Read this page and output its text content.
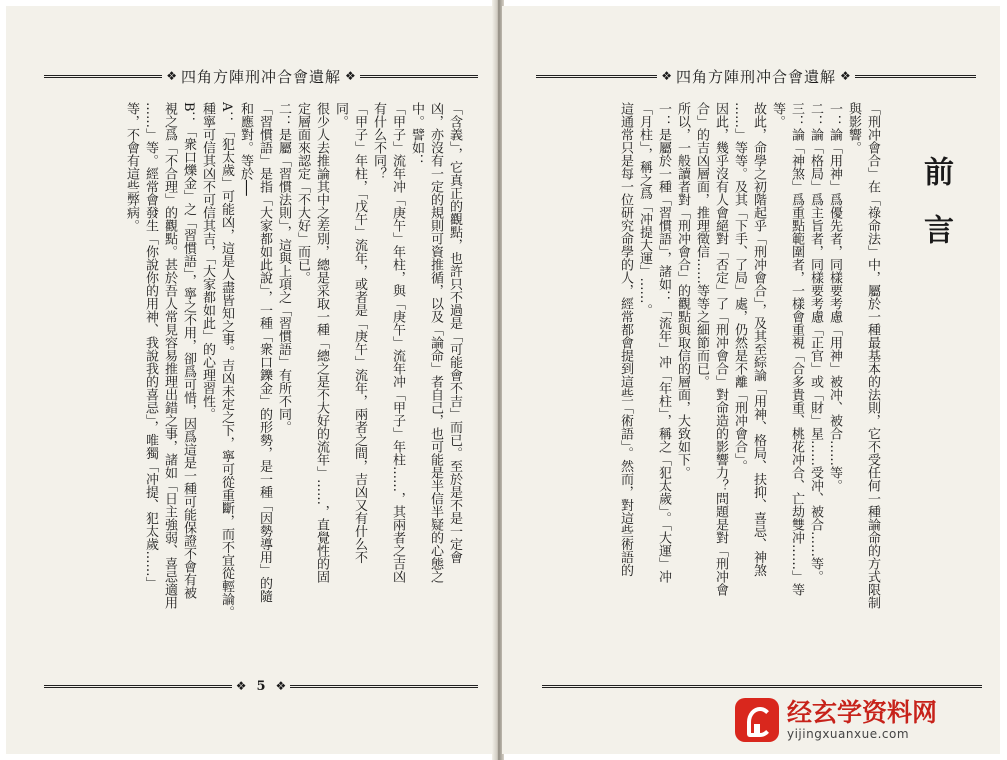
❖ 四角方陣刑冲合會遺解 ❖
「含義」，它真正的觀點，也許只不過是「可能會不吉」而已。至於是不是一定會
凶，亦沒有一定的規則可資推循，以及「論命」者自己，也可能是半信半疑的心態之
中。譬如：
「甲子」流年冲「庚午」年柱，與「庚午」流年冲「甲子」年柱……，其兩者之吉凶
有什么不同？
「甲子」年柱，「戊午」流年，或者是「庚午」流年，兩者之間，吉凶又有什么不
同。
很少人去推論其中之差別，總是采取一種「總之是不大好的流年」……，直覺性的固
定層面來認定「不大好」而已。
二：是屬「習慣法則」，這與上項之「習慣語」有所不同。
「習慣語」是指「大家都如此說」，一種「衆口鑠金」的形勢，是一種「因勢導用」的隨
和應對。等於──
A：「犯太歲」可能凶，這是人盡皆知之事。吉凶未定之下，寧可從重斷，而不宜從輕論。
種寧可信其凶不可信其吉，「大家都如此」的心理習性。
B：「衆口爍金」之「習慣語」，寧之不用，卻爲可惜，因爲這是一種可能保證不會有被
視之爲「不合理」的觀點。甚於吾人常見容易推理出錯之事，諸如「日主強弱、喜忌適用
……」等。經常會發生「你說你的用神、我說我的喜忌」，唯獨「冲提、犯太歲……」
等，不會有這些弊病。
❖ 5 ❖
❖ 四角方陣刑冲合會遺解 ❖
前言
「刑冲會合」在「祿命法」中，屬於一種最基本的法則，它不受任何一種論命的方式限制
與影響。
一：論「用神」爲優先者，同樣要考慮「用神」被冲、被合……等。
二：論「格局」爲主旨者，同樣要考慮「正官」或「財」星……受冲、被合……等。
三：論「神煞」爲重點範圍者，一樣會重視「合多貴重、桃花冲合、亡劫雙冲……」等
等。
故此，命學之初階起乎「刑冲會合」，及其至綜論「用神、格局、扶抑、喜忌、神煞
……」等等。及其「下手、了局」處，仍然是不離「刑冲會合」。
因此，幾乎沒有人會絕對「否定」了「刑冲會合」對命造的影響力？問題是對「刑冲會
合」的吉凶層面，推理徵信……等等之細節而已。
所以，一般讀者對「刑冲會合」的觀點與取信的層面，大致如下。
一：是屬於一種「習慣語」，諸如：「流年」冲「年柱」，稱之「犯太歲」。「大運」冲
「月柱」，稱之爲「冲提大運」……。
這通常只是每一位研究命學的人，經常都會提到這些「術語」。然而，對這些術語的
经玄学资料网
yijingxuanxue.com
